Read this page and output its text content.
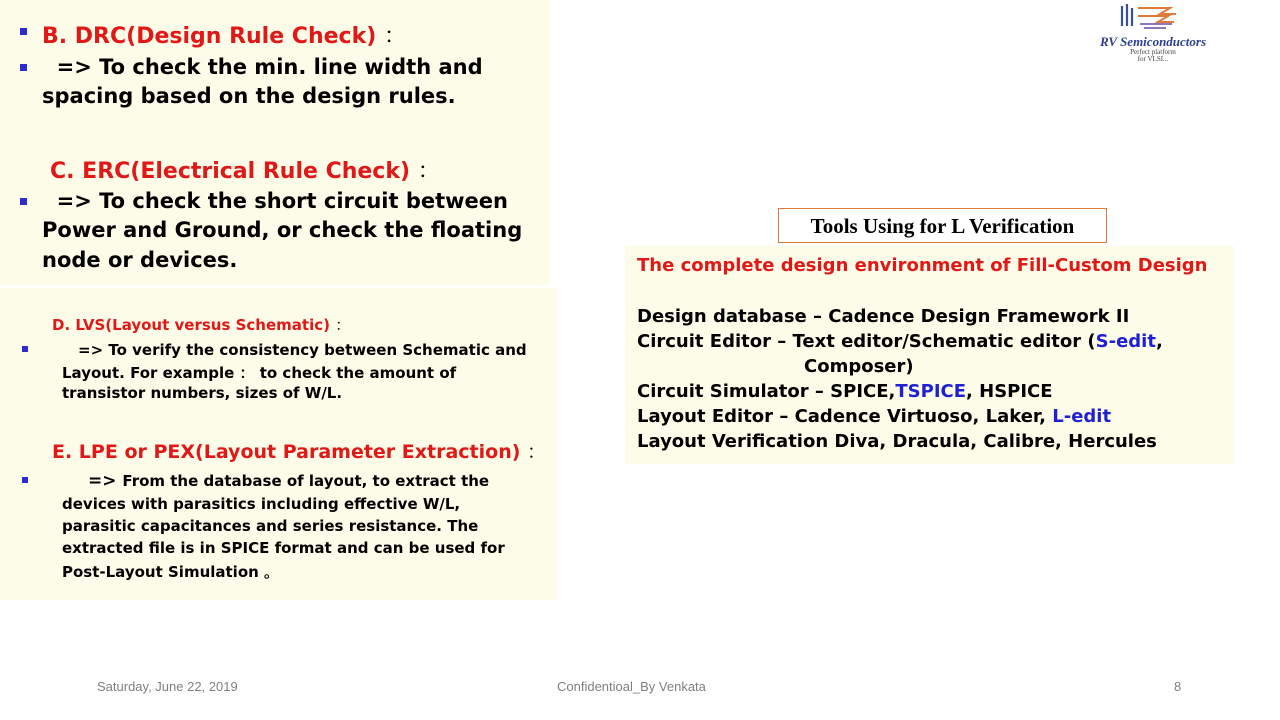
RV Semiconductors
Perfect platform
for VLSI...
B. DRC(Design Rule Check) ：
=> To check the min. line width and
spacing based on the design rules.
C. ERC(Electrical Rule Check) ：
=> To check the short circuit between
Power and Ground, or check the floating
node or devices.
D. LVS(Layout versus Schematic) ：
=> To verify the consistency between Schematic and
Layout. For example ： to check the amount of
transistor numbers, sizes of W/L.
E. LPE or PEX(Layout Parameter Extraction) ：
=> From the database of layout, to extract the
devices with parasitics including effective W/L,
parasitic capacitances and series resistance. The
extracted file is in SPICE format and can be used for
Post-Layout Simulation 。
Tools Using for L Verification
The complete design environment of Fill-Custom Design
Design database – Cadence Design Framework II
Circuit Editor – Text editor/Schematic editor (S-edit,
Composer)
Circuit Simulator – SPICE,TSPICE, HSPICE
Layout Editor – Cadence Virtuoso, Laker, L-edit
Layout Verification Diva, Dracula, Calibre, Hercules
Saturday, June 22, 2019	Confidentioal_By Venkata	8
